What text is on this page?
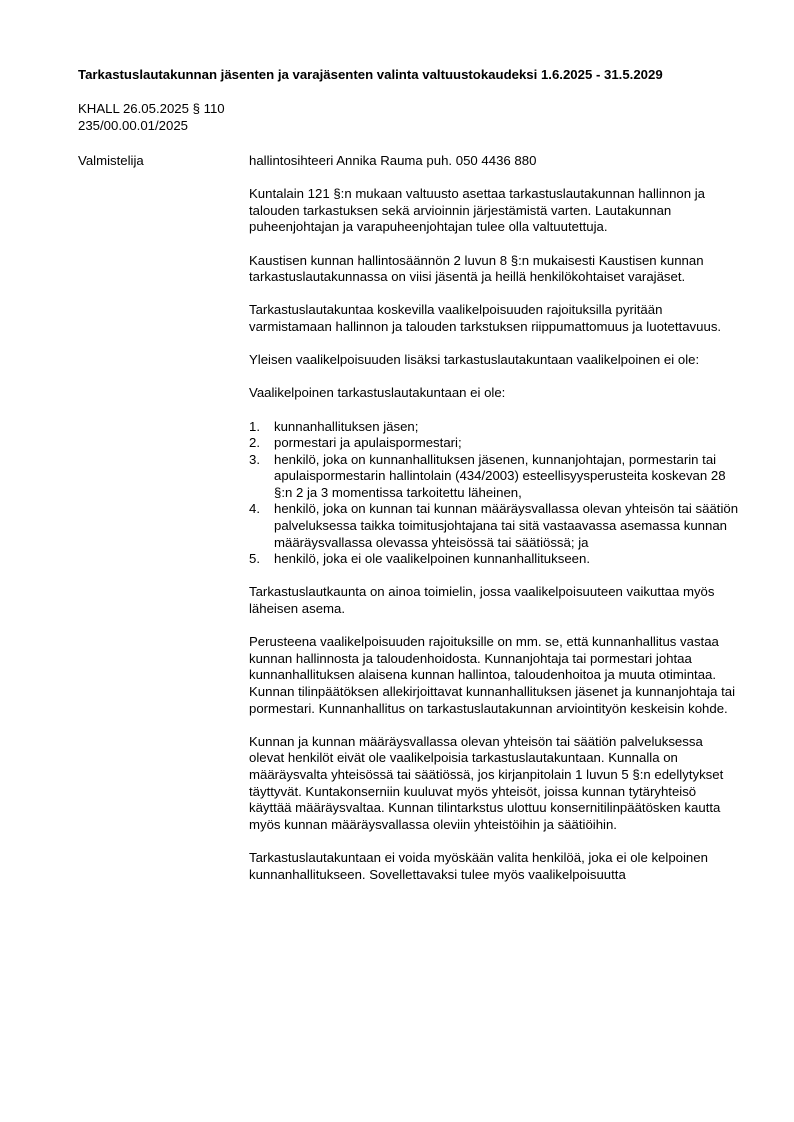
Tarkastuslautakunnan jäsenten ja varajäsenten valinta valtuustokaudeksi 1.6.2025 - 31.5.2029
KHALL 26.05.2025 § 110
235/00.00.01/2025
Valmistelija	hallintosihteeri Annika Rauma puh. 050 4436 880

Kuntalain 121 §:n mukaan valtuusto asettaa tarkastuslautakunnan hallinnon ja talouden tarkastuksen sekä arvioinnin järjestämistä varten. Lautakunnan puheenjohtajan ja varapuheenjohtajan tulee olla valtuutettuja.

Kaustisen kunnan hallintosäännön 2 luvun 8 §:n mukaisesti Kaustisen kunnan tarkastuslautakunnassa on viisi jäsentä ja heillä henkilökohtaiset varajäset.

Tarkastuslautakuntaa koskevilla vaalikelpoisuuden rajoituksilla pyritään varmistamaan hallinnon ja talouden tarkstuksen riippumattomuus ja luotettavuus.

Yleisen vaalikelpoisuuden lisäksi tarkastuslautakuntaan vaalikelpoinen ei ole:

Vaalikelpoinen tarkastuslautakuntaan ei ole:

1. kunnanhallituksen jäsen;
2. pormestari ja apulaispormestari;
3. henkilö, joka on kunnanhallituksen jäsenen, kunnanjohtajan, pormestarin tai apulaispormestarin hallintolain (434/2003) esteellisyysperusteita koskevan 28 §:n 2 ja 3 momentissa tarkoitettu läheinen,
4. henkilö, joka on kunnan tai kunnan määräysvallassa olevan yhteisön tai säätiön palveluksessa taikka toimitusjohtajana tai sitä vastaavassa asemassa kunnan määräysvallassa olevassa yhteisössä tai säätiössä; ja
5. henkilö, joka ei ole vaalikelpoinen kunnanhallitukseen.

Tarkastuslautkaunta on ainoa toimielin, jossa vaalikelpoisuuteen vaikuttaa myös läheisen asema.

Perusteena vaalikelpoisuuden rajoituksille on mm. se, että kunnanhallitus vastaa kunnan hallinnosta ja taloudenhoidosta. Kunnanjohtaja tai pormestari johtaa kunnanhallituksen alaisena kunnan hallintoa, taloudenhoitoa ja muuta otimintaa. Kunnan tilinpäätöksen allekirjoittavat kunnanhallituksen jäsenet ja kunnanjohtaja tai pormestari. Kunnanhallitus on tarkastuslautakunnan arviointityön keskeisin kohde.

Kunnan ja kunnan määräysvallassa olevan yhteisön tai säätiön palveluksessa olevat henkilöt eivät ole vaalikelpoisia tarkastuslautakuntaan. Kunnalla on määräysvalta yhteisössä tai säätiössä, jos kirjanpitolain 1 luvun 5 §:n edellytykset täyttyvät. Kuntakonserniin kuuluvat myös yhteisöt, joissa kunnan tytäryhteisö käyttää määräysvaltaa. Kunnan tilintarkstus ulottuu konsernitilinpäätösken kautta myös kunnan määräysvallassa oleviin yhteistöihin ja säätiöihin.

Tarkastuslautakuntaan ei voida myöskään valita henkilöä, joka ei ole kelpoinen kunnanhallitukseen. Sovellettavaksi tulee myös vaalikelpoisuutta
